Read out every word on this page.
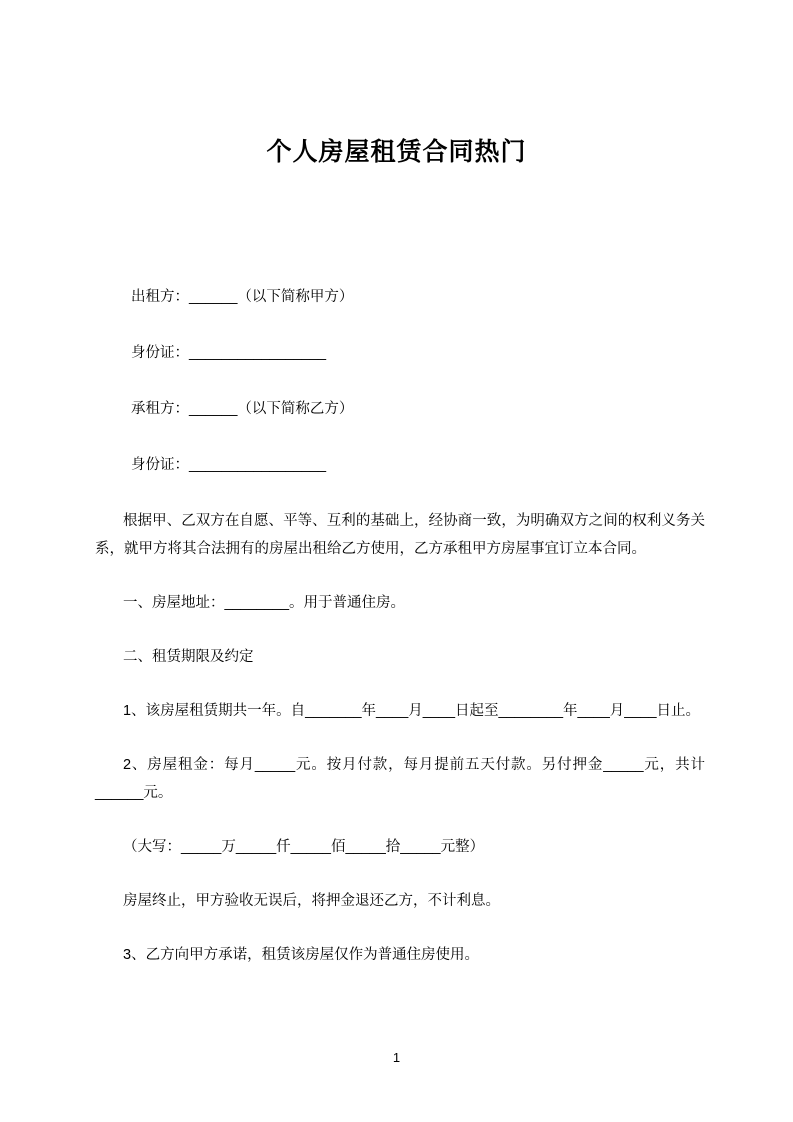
个人房屋租赁合同热门

出租方：______（以下简称甲方）

身份证：_________________

承租方：______（以下简称乙方）

身份证：_________________

根据甲、乙双方在自愿、平等、互利的基础上，经协商一致，为明确双方之间的权利义务关系，就甲方将其合法拥有的房屋出租给乙方使用，乙方承租甲方房屋事宜订立本合同。

一、房屋地址：________。用于普通住房。

二、租赁期限及约定

1、该房屋租赁期共一年。自_______年____月____日起至________年____月____日止。

2、房屋租金：每月_____元。按月付款，每月提前五天付款。另付押金_____元，共计______元。

（大写：_____万_____仟_____佰_____拾_____元整）

房屋终止，甲方验收无误后，将押金退还乙方，不计利息。

3、乙方向甲方承诺，租赁该房屋仅作为普通住房使用。

1
